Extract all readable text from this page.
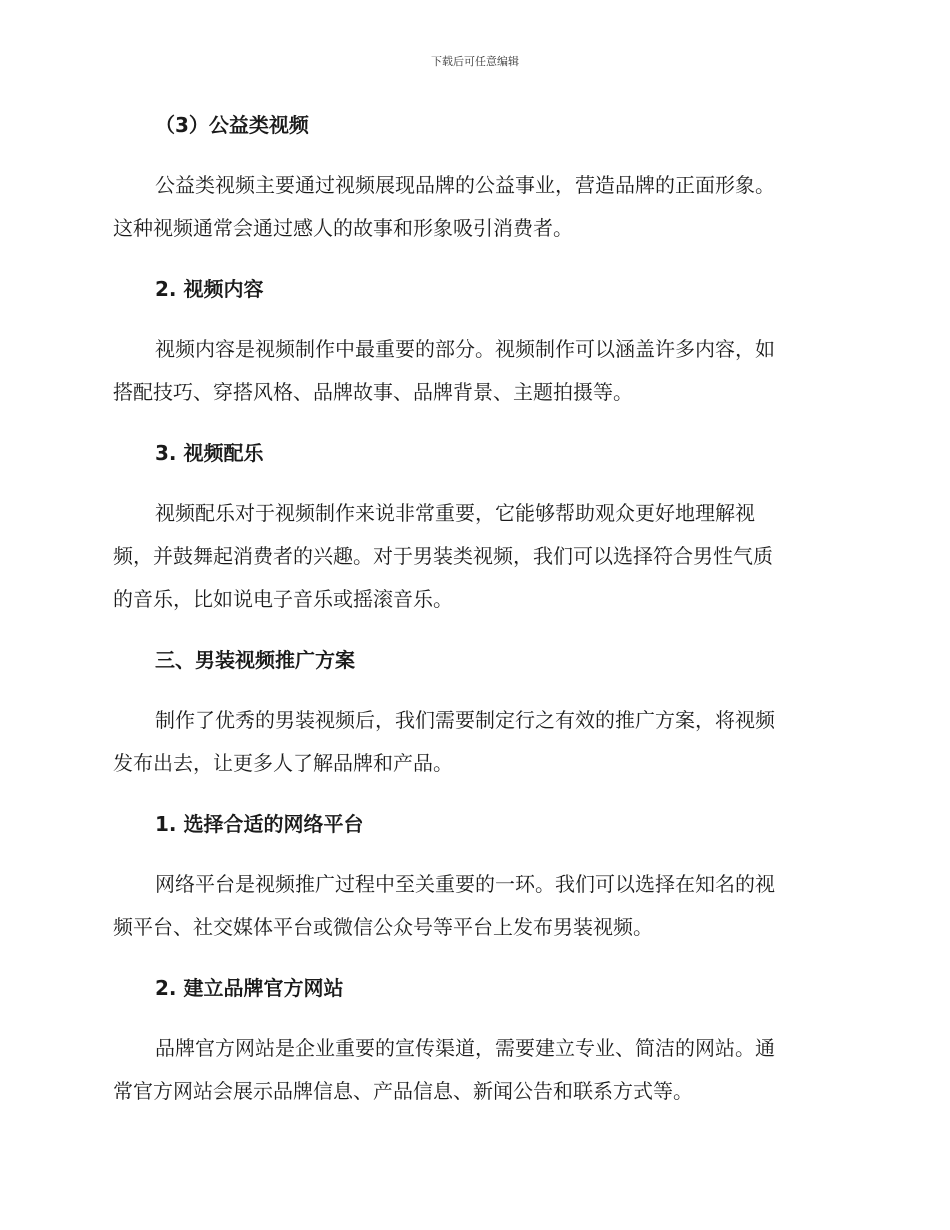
下载后可任意编辑
（3）公益类视频
公益类视频主要通过视频展现品牌的公益事业，营造品牌的正面形象。
这种视频通常会通过感人的故事和形象吸引消费者。
2. 视频内容
视频内容是视频制作中最重要的部分。视频制作可以涵盖许多内容，如
搭配技巧、穿搭风格、品牌故事、品牌背景、主题拍摄等。
3. 视频配乐
视频配乐对于视频制作来说非常重要，它能够帮助观众更好地理解视
频，并鼓舞起消费者的兴趣。对于男装类视频，我们可以选择符合男性气质
的音乐，比如说电子音乐或摇滚音乐。
三、男装视频推广方案
制作了优秀的男装视频后，我们需要制定行之有效的推广方案，将视频
发布出去，让更多人了解品牌和产品。
1. 选择合适的网络平台
网络平台是视频推广过程中至关重要的一环。我们可以选择在知名的视
频平台、社交媒体平台或微信公众号等平台上发布男装视频。
2. 建立品牌官方网站
品牌官方网站是企业重要的宣传渠道，需要建立专业、简洁的网站。通
常官方网站会展示品牌信息、产品信息、新闻公告和联系方式等。
